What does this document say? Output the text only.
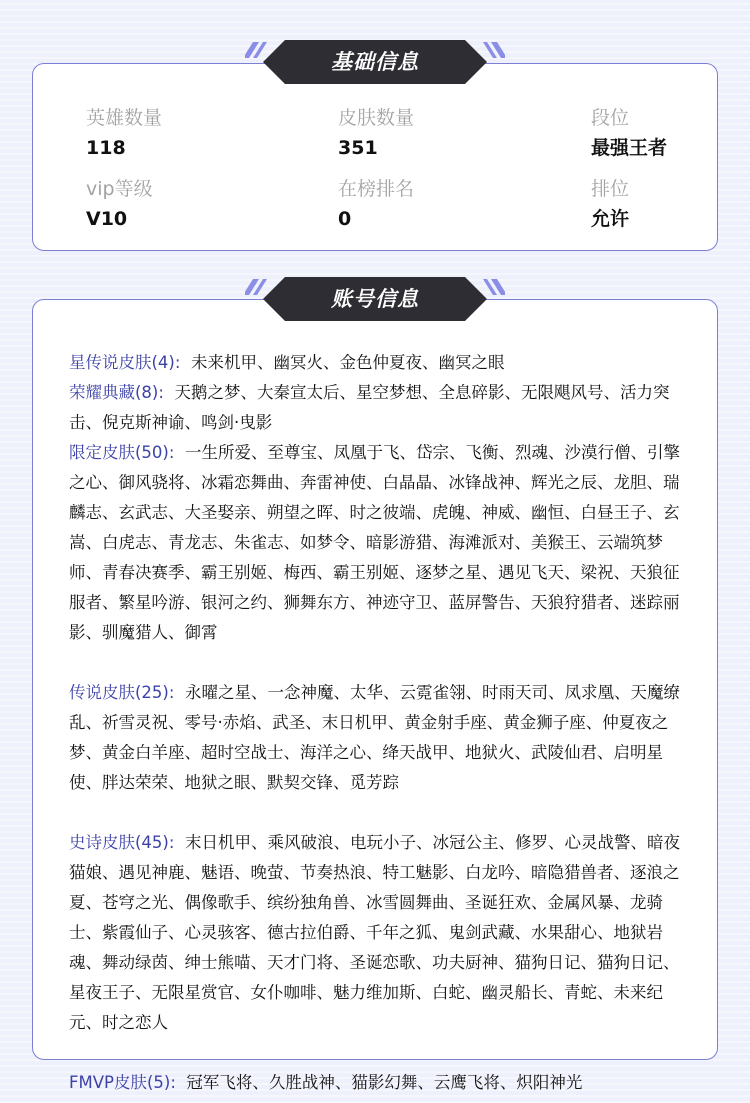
英雄数量
118
皮肤数量
351
段位
最强王者
vip等级
V10
在榜排名
0
排位
允许
基础信息
星传说皮肤(4): 未来机甲、幽冥火、金色仲夏夜、幽冥之眼
荣耀典藏(8): 天鹅之梦、大秦宣太后、星空梦想、全息碎影、无限飓风号、活力突击、倪克斯神谕、鸣剑·曳影
限定皮肤(50): 一生所爱、至尊宝、凤凰于飞、岱宗、飞衡、烈魂、沙漠行僧、引擎之心、御风骁将、冰霜恋舞曲、奔雷神使、白晶晶、冰锋战神、辉光之辰、龙胆、瑞麟志、玄武志、大圣娶亲、朔望之晖、时之彼端、虎魄、神威、幽恒、白昼王子、玄嵩、白虎志、青龙志、朱雀志、如梦令、暗影游猎、海滩派对、美猴王、云端筑梦师、青春决赛季、霸王别姬、梅西、霸王别姬、逐梦之星、遇见飞天、梁祝、天狼征服者、繁星吟游、银河之约、狮舞东方、神迹守卫、蓝屏警告、天狼狩猎者、迷踪丽影、驯魔猎人、御霄
传说皮肤(25): 永曜之星、一念神魔、太华、云霓雀翎、时雨天司、凤求凰、天魔缭乱、祈雪灵祝、零号·赤焰、武圣、末日机甲、黄金射手座、黄金狮子座、仲夏夜之梦、黄金白羊座、超时空战士、海洋之心、绛天战甲、地狱火、武陵仙君、启明星使、胖达荣荣、地狱之眼、默契交锋、觅芳踪
史诗皮肤(45): 末日机甲、乘风破浪、电玩小子、冰冠公主、修罗、心灵战警、暗夜猫娘、遇见神鹿、魅语、晚萤、节奏热浪、特工魅影、白龙吟、暗隐猎兽者、逐浪之夏、苍穹之光、偶像歌手、缤纷独角兽、冰雪圆舞曲、圣诞狂欢、金属风暴、龙骑士、紫霞仙子、心灵骇客、德古拉伯爵、千年之狐、鬼剑武藏、水果甜心、地狱岩魂、舞动绿茵、绅士熊喵、天才门将、圣诞恋歌、功夫厨神、猫狗日记、猫狗日记、星夜王子、无限星赏官、女仆咖啡、魅力维加斯、白蛇、幽灵船长、青蛇、未来纪元、时之恋人
FMVP皮肤(5): 冠军飞将、久胜战神、猫影幻舞、云鹰飞将、炽阳神光
账号信息
